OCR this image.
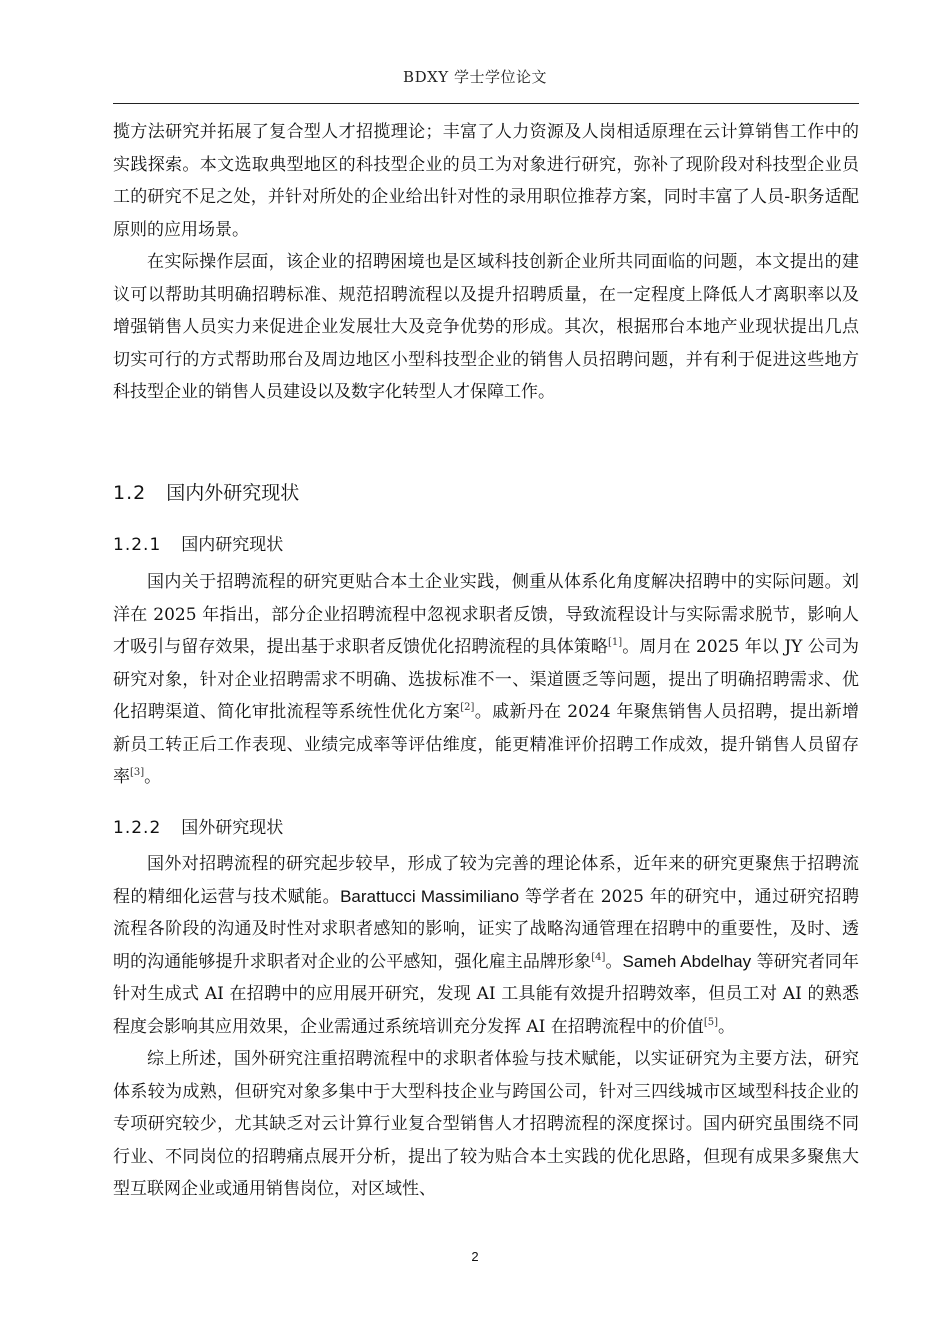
BDXY 学士学位论文

揽方法研究并拓展了复合型人才招揽理论；丰富了人力资源及人岗相适原理在云计算销售工作中的实践探索。本文选取典型地区的科技型企业的员工为对象进行研究，弥补了现阶段对科技型企业员工的研究不足之处，并针对所处的企业给出针对性的录用职位推荐方案，同时丰富了人员-职务适配原则的应用场景。

在实际操作层面，该企业的招聘困境也是区域科技创新企业所共同面临的问题，本文提出的建议可以帮助其明确招聘标准、规范招聘流程以及提升招聘质量，在一定程度上降低人才离职率以及增强销售人员实力来促进企业发展壮大及竞争优势的形成。其次，根据邢台本地产业现状提出几点切实可行的方式帮助邢台及周边地区小型科技型企业的销售人员招聘问题，并有利于促进这些地方科技型企业的销售人员建设以及数字化转型人才保障工作。

1.2 国内外研究现状
1.2.1 国内研究现状

国内关于招聘流程的研究更贴合本土企业实践，侧重从体系化角度解决招聘中的实际问题。刘洋在 2025 年指出，部分企业招聘流程中忽视求职者反馈，导致流程设计与实际需求脱节，影响人才吸引与留存效果，提出基于求职者反馈优化招聘流程的具体策略[1]。周月在 2025 年以 JY 公司为研究对象，针对企业招聘需求不明确、选拔标准不一、渠道匮乏等问题，提出了明确招聘需求、优化招聘渠道、简化审批流程等系统性优化方案[2]。戚新丹在 2024 年聚焦销售人员招聘，提出新增新员工转正后工作表现、业绩完成率等评估维度，能更精准评价招聘工作成效，提升销售人员留存率[3]。

1.2.2 国外研究现状

国外对招聘流程的研究起步较早，形成了较为完善的理论体系，近年来的研究更聚焦于招聘流程的精细化运营与技术赋能。Barattucci Massimiliano 等学者在 2025 年的研究中，通过研究招聘流程各阶段的沟通及时性对求职者感知的影响，证实了战略沟通管理在招聘中的重要性，及时、透明的沟通能够提升求职者对企业的公平感知，强化雇主品牌形象[4]。Sameh Abdelhay 等研究者同年针对生成式 AI 在招聘中的应用展开研究，发现 AI 工具能有效提升招聘效率，但员工对 AI 的熟悉程度会影响其应用效果，企业需通过系统培训充分发挥 AI 在招聘流程中的价值[5]。

综上所述，国外研究注重招聘流程中的求职者体验与技术赋能，以实证研究为主要方法，研究体系较为成熟，但研究对象多集中于大型科技企业与跨国公司，针对三四线城市区域型科技企业的专项研究较少，尤其缺乏对云计算行业复合型销售人才招聘流程的深度探讨。国内研究虽围绕不同行业、不同岗位的招聘痛点展开分析，提出了较为贴合本土实践的优化思路，但现有成果多聚焦大型互联网企业或通用销售岗位，对区域性、

2
